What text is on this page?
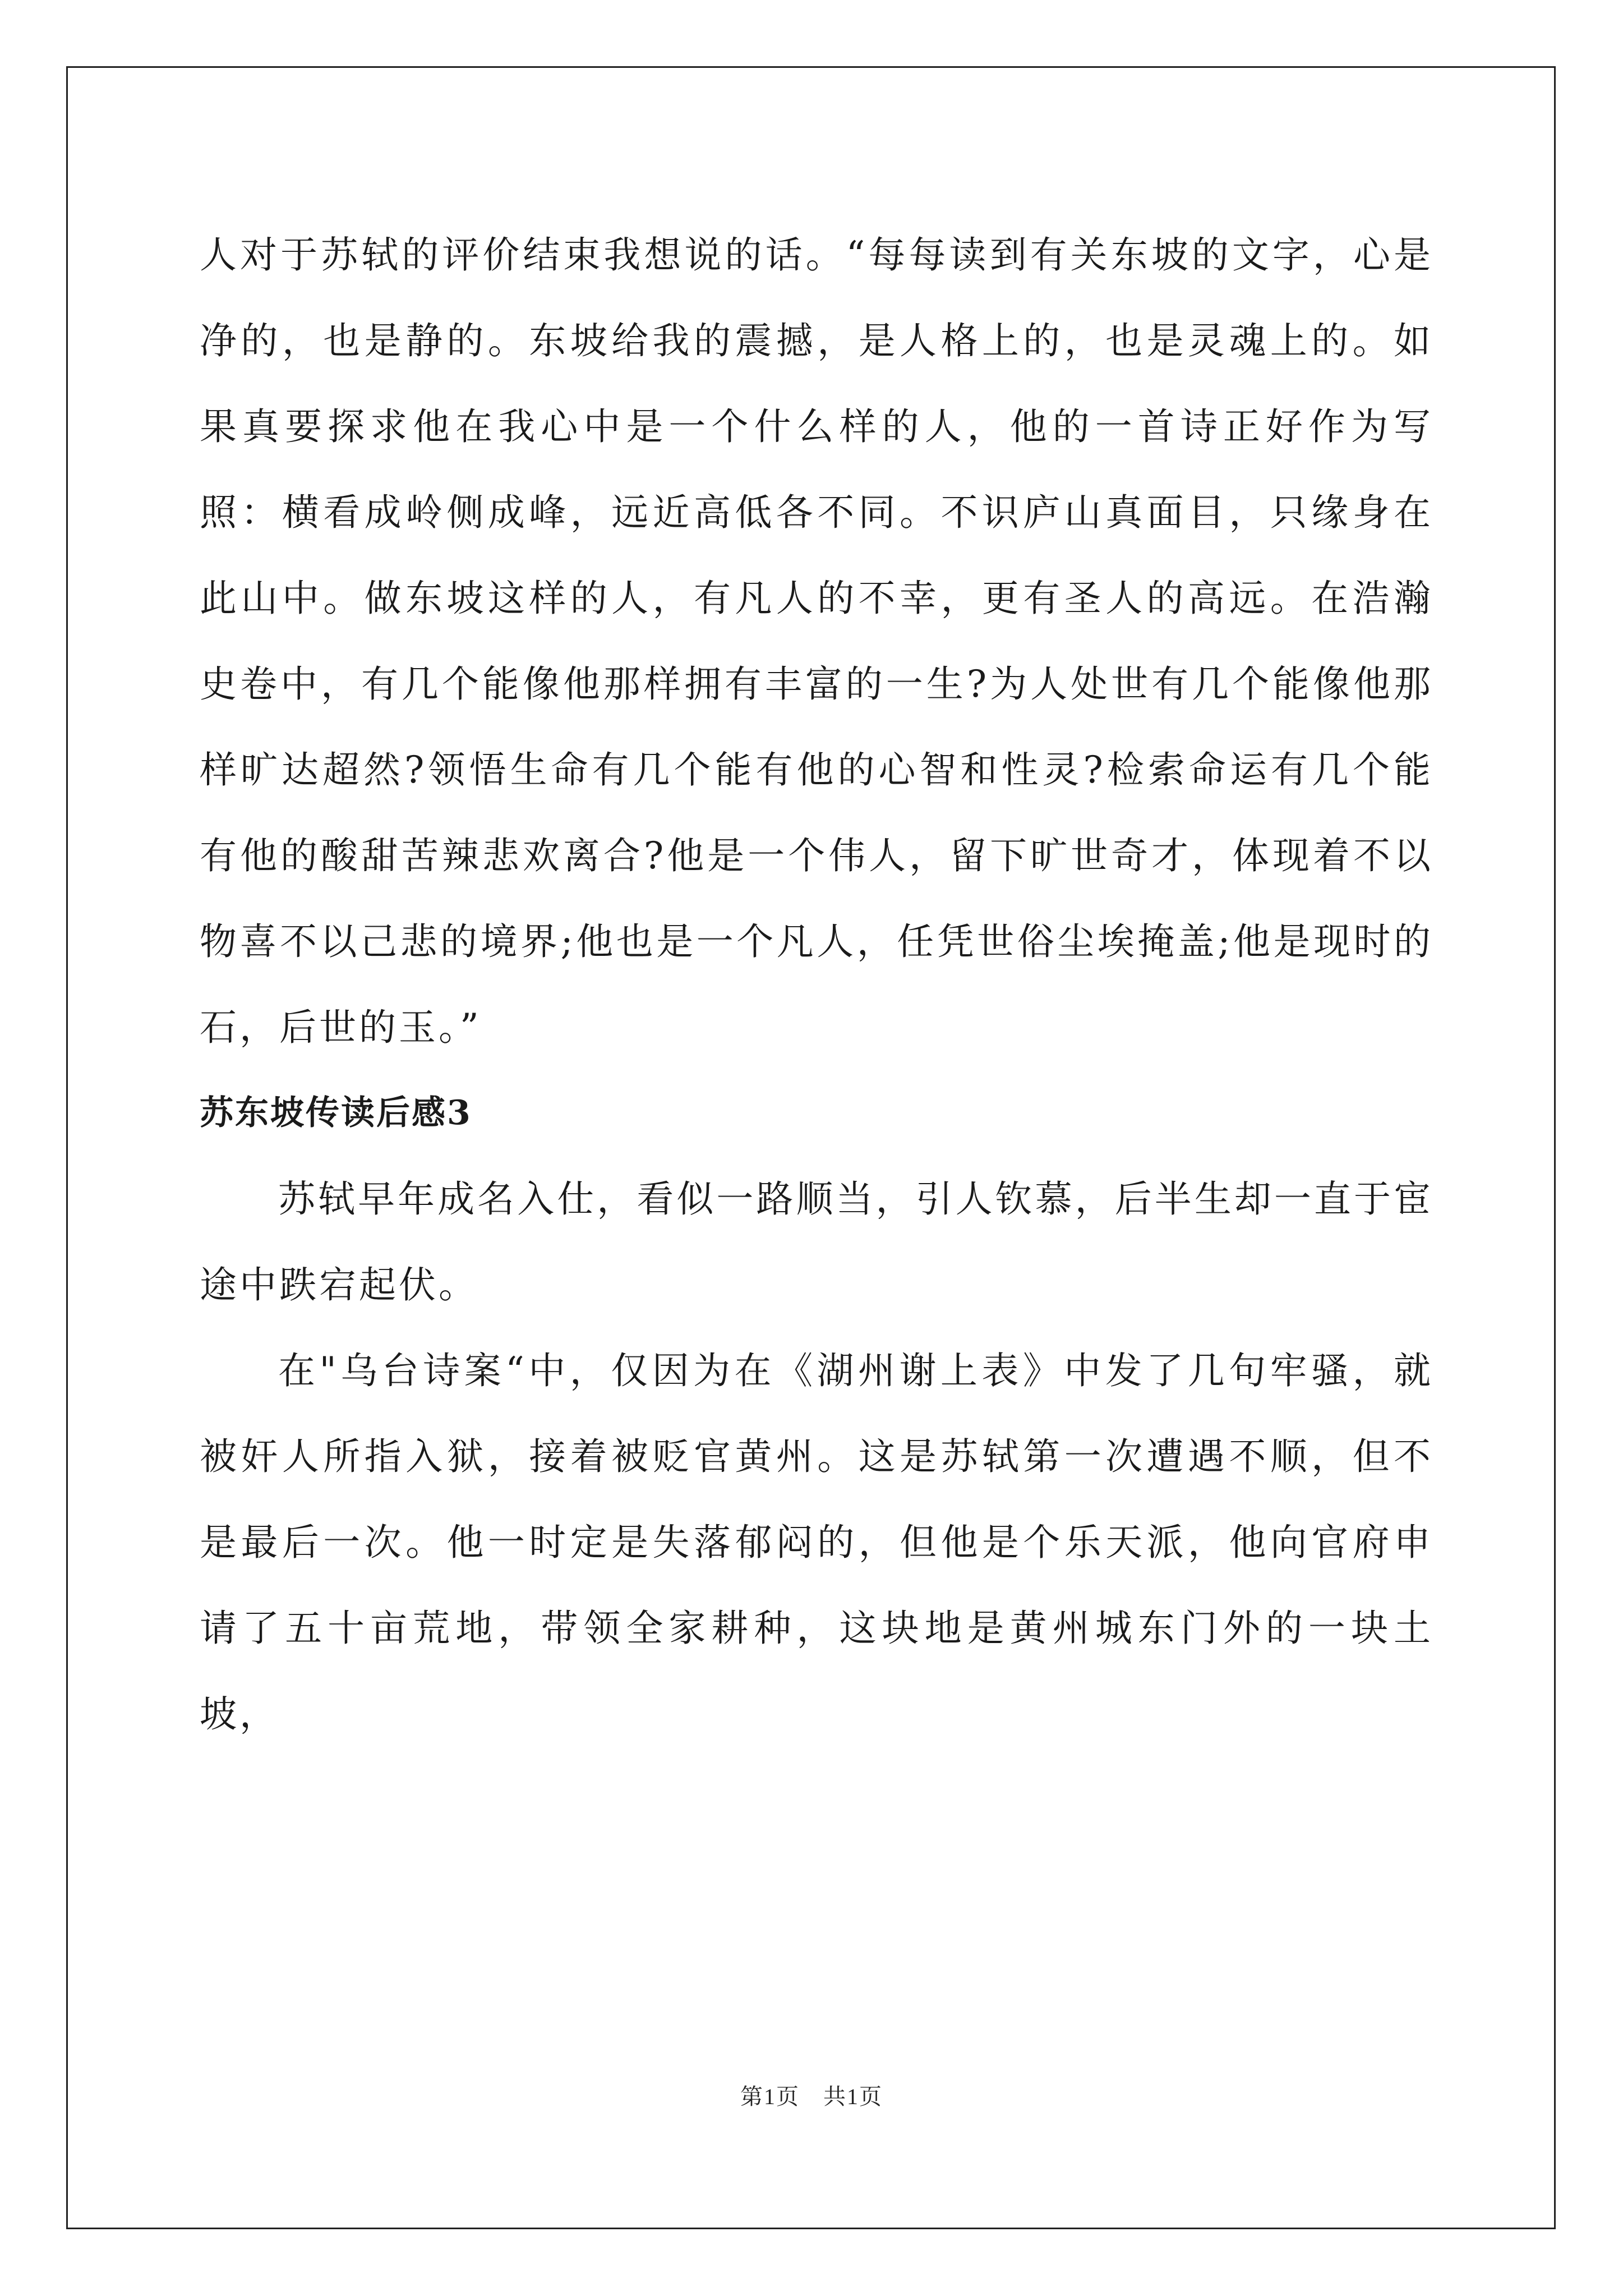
人对于苏轼的评价结束我想说的话。“每每读到有关东坡的文字，心是净的，也是静的。东坡给我的震撼，是人格上的，也是灵魂上的。如果真要探求他在我心中是一个什么样的人，他的一首诗正好作为写照：横看成岭侧成峰，远近高低各不同。不识庐山真面目，只缘身在此山中。做东坡这样的人，有凡人的不幸，更有圣人的高远。在浩瀚史卷中，有几个能像他那样拥有丰富的一生?为人处世有几个能像他那样旷达超然?领悟生命有几个能有他的心智和性灵?检索命运有几个能有他的酸甜苦辣悲欢离合?他是一个伟人，留下旷世奇才，体现着不以物喜不以己悲的境界;他也是一个凡人，任凭世俗尘埃掩盖;他是现时的石，后世的玉。”

苏东坡传读后感3

苏轼早年成名入仕，看似一路顺当，引人钦慕，后半生却一直于宦途中跌宕起伏。

在"乌台诗案“中，仅因为在《湖州谢上表》中发了几句牢骚，就被奸人所指入狱，接着被贬官黄州。这是苏轼第一次遭遇不顺，但不是最后一次。他一时定是失落郁闷的，但他是个乐天派，他向官府申请了五十亩荒地，带领全家耕种，这块地是黄州城东门外的一块土坡，

第1页　共1页
